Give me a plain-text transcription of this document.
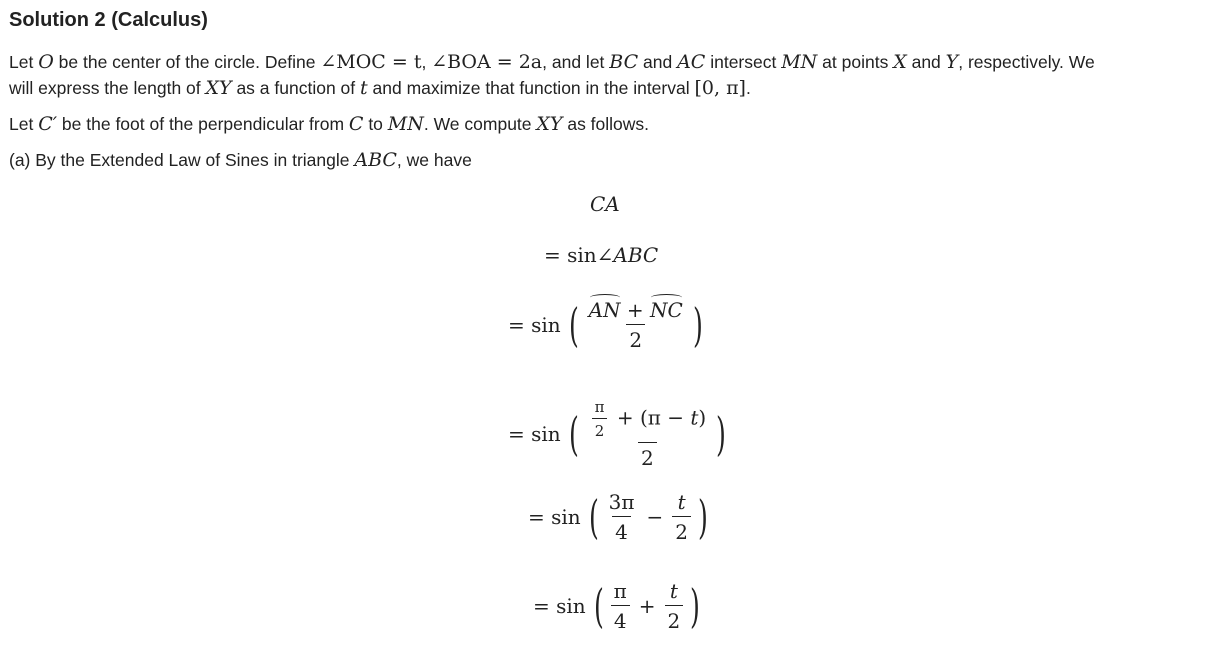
Solution 2 (Calculus)
Let O be the center of the circle. Define ∠MOC = t, ∠BOA = 2a, and let BC and AC intersect MN at points X and Y, respectively. We
will express the length of XY as a function of t and maximize that function in the interval [0, π].
Let C′ be the foot of the perpendicular from C to MN. We compute XY as follows.
(a) By the Extended Law of Sines in triangle ABC, we have
CA
= sin ∠ABC
= sin ( $\frac{AN + NC}{2}$ )
= sin ( $\frac{\frac{\pi}{2} + (\pi - t)}{2}$ )
= sin ( $\frac{3\pi}{4} - \frac{t}{2}$ )
= sin ( $\frac{\pi}{4} + \frac{t}{2}$ )
